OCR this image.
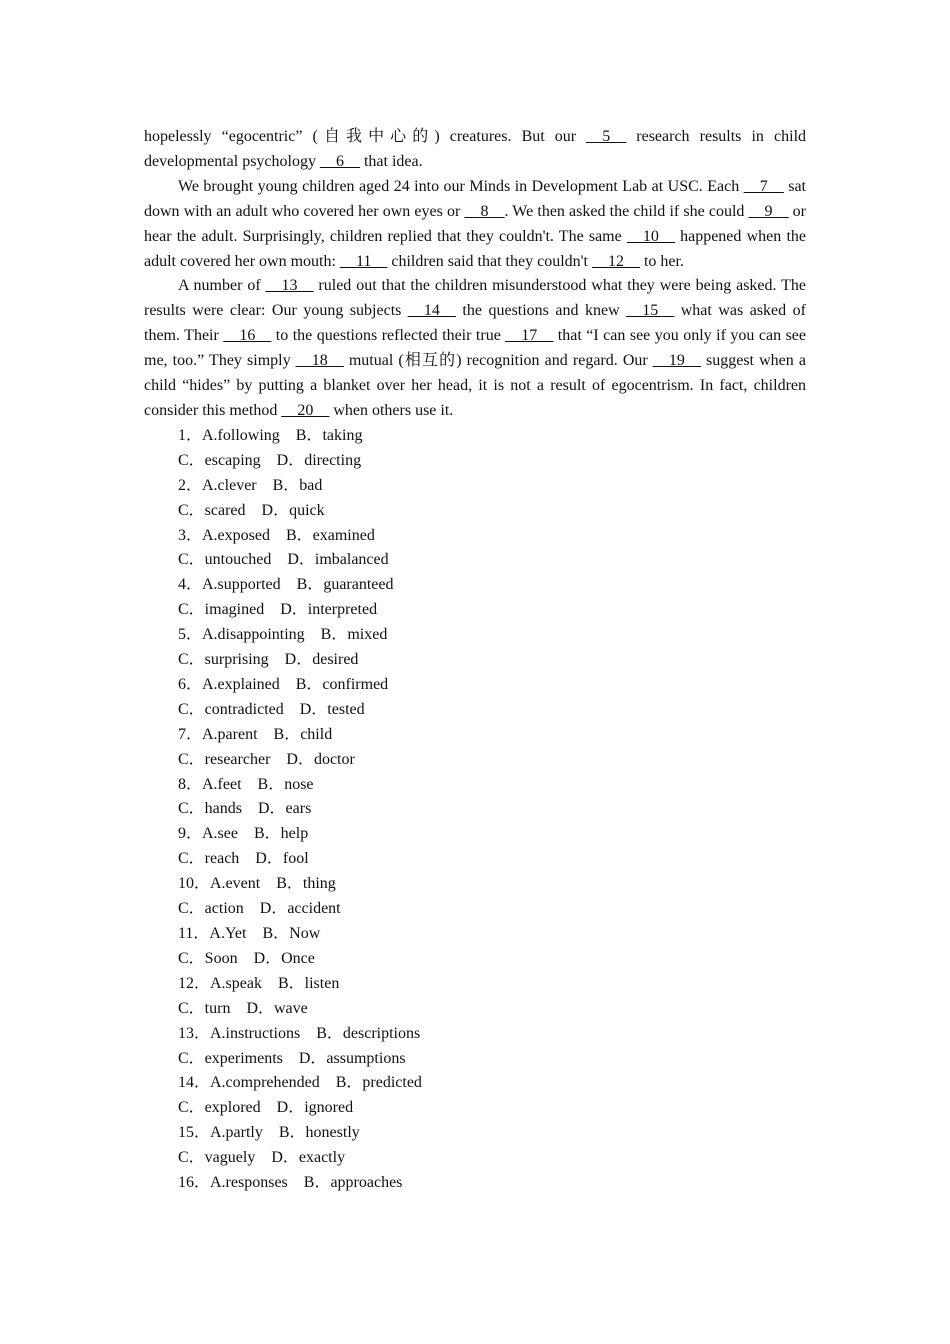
hopelessly “egocentric” (自我中心的) creatures. But our __5__ research results in child developmental psychology __6__ that idea.

We brought young children aged 24 into our Minds in Development Lab at USC. Each __7__ sat down with an adult who covered her own eyes or __8__. We then asked the child if she could __9__ or hear the adult. Surprisingly, children replied that they couldn't. The same __10__ happened when the adult covered her own mouth: __11__ children said that they couldn't __12__ to her.

A number of __13__ ruled out that the children misunderstood what they were being asked. The results were clear: Our young subjects __14__ the questions and knew __15__ what was asked of them. Their __16__ to the questions reflected their true __17__ that “I can see you only if you can see me, too.” They simply __18__ mutual (相互的) recognition and regard. Our __19__ suggest when a child “hides” by putting a blanket over her head, it is not a result of egocentrism. In fact, children consider this method __20__ when others use it.

1．A.following　B．taking
C．escaping　D．directing
2．A.clever　B．bad
C．scared　D．quick
3．A.exposed　B．examined
C．untouched　D．imbalanced
4．A.supported　B．guaranteed
C．imagined　D．interpreted
5．A.disappointing　B．mixed
C．surprising　D．desired
6．A.explained　B．confirmed
C．contradicted　D．tested
7．A.parent　B．child
C．researcher　D．doctor
8．A.feet　B．nose
C．hands　D．ears
9．A.see　B．help
C．reach　D．fool
10．A.event　B．thing
C．action　D．accident
11．A.Yet　B．Now
C．Soon　D．Once
12．A.speak　B．listen
C．turn　D．wave
13．A.instructions　B．descriptions
C．experiments　D．assumptions
14．A.comprehended　B．predicted
C．explored　D．ignored
15．A.partly　B．honestly
C．vaguely　D．exactly
16．A.responses　B．approaches
